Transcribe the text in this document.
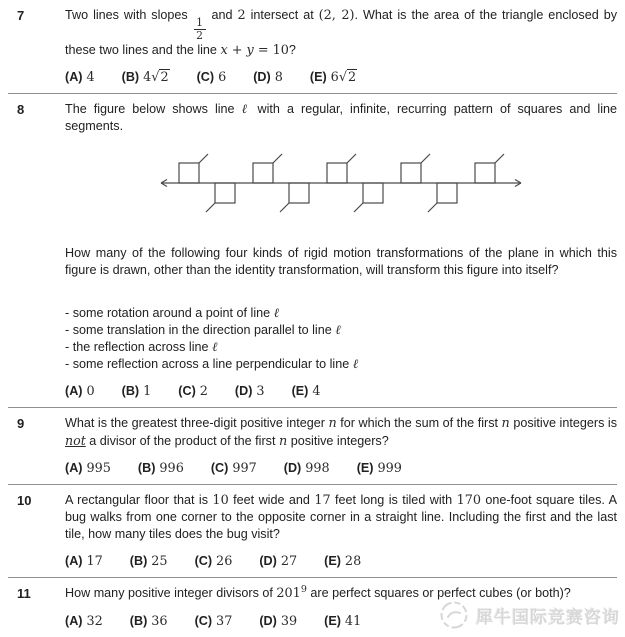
7	Two lines with slopes
$\frac{1}{2}$
and 2 intersect at (2, 2). What is the area of the triangle enclosed by these two lines and the line x + y = 10?
(A) 4 (B) 4√2 (C) 6 (D) 8 (E) 6√2
8	The figure below shows line ℓ with a regular, infinite, recurring pattern of squares and line segments.
How many of the following four kinds of rigid motion transformations of the plane in which this figure is drawn, other than the identity transformation, will transform this figure into itself?
- some rotation around a point of line ℓ
- some translation in the direction parallel to line ℓ
- the reflection across line ℓ
- some reflection across a line perpendicular to line ℓ
(A) 0 (B) 1 (C) 2 (D) 3 (E) 4
9	What is the greatest three-digit positive integer n for which the sum of the first n positive integers is not a divisor of the product of the first n positive integers?
(A) 995 (B) 996 (C) 997 (D) 998 (E) 999
10	A rectangular floor that is 10 feet wide and 17 feet long is tiled with 170 one-foot square tiles. A bug walks from one corner to the opposite corner in a straight line. Including the first and the last tile, how many tiles does the bug visit?
(A) 17 (B) 25 (C) 26 (D) 27 (E) 28
11	How many positive integer divisors of $201^9$ are perfect squares or perfect cubes (or both)?
(A) 32 (B) 36 (C) 37 (D) 39 (E) 41	犀牛国际竞赛咨询
